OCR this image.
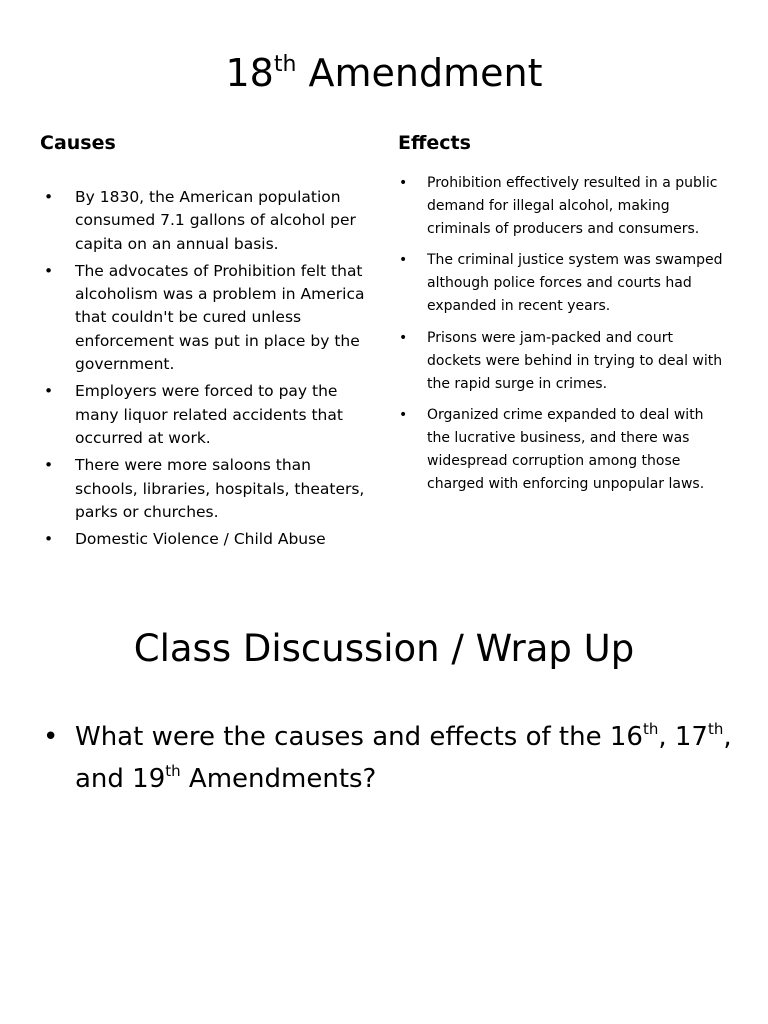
18th Amendment
Causes
• By 1830, the American population consumed 7.1 gallons of alcohol per capita on an annual basis.
• The advocates of Prohibition felt that alcoholism was a problem in America that couldn't be cured unless enforcement was put in place by the government.
• Employers were forced to pay the many liquor related accidents that occurred at work.
• There were more saloons than schools, libraries, hospitals, theaters, parks or churches.
• Domestic Violence / Child Abuse
Effects
• Prohibition effectively resulted in a public demand for illegal alcohol, making criminals of producers and consumers.
• The criminal justice system was swamped although police forces and courts had expanded in recent years.
• Prisons were jam-packed and court dockets were behind in trying to deal with the rapid surge in crimes.
• Organized crime expanded to deal with the lucrative business, and there was widespread corruption among those charged with enforcing unpopular laws.
Class Discussion / Wrap Up
• What were the causes and effects of the 16th, 17th, and 19th Amendments?
